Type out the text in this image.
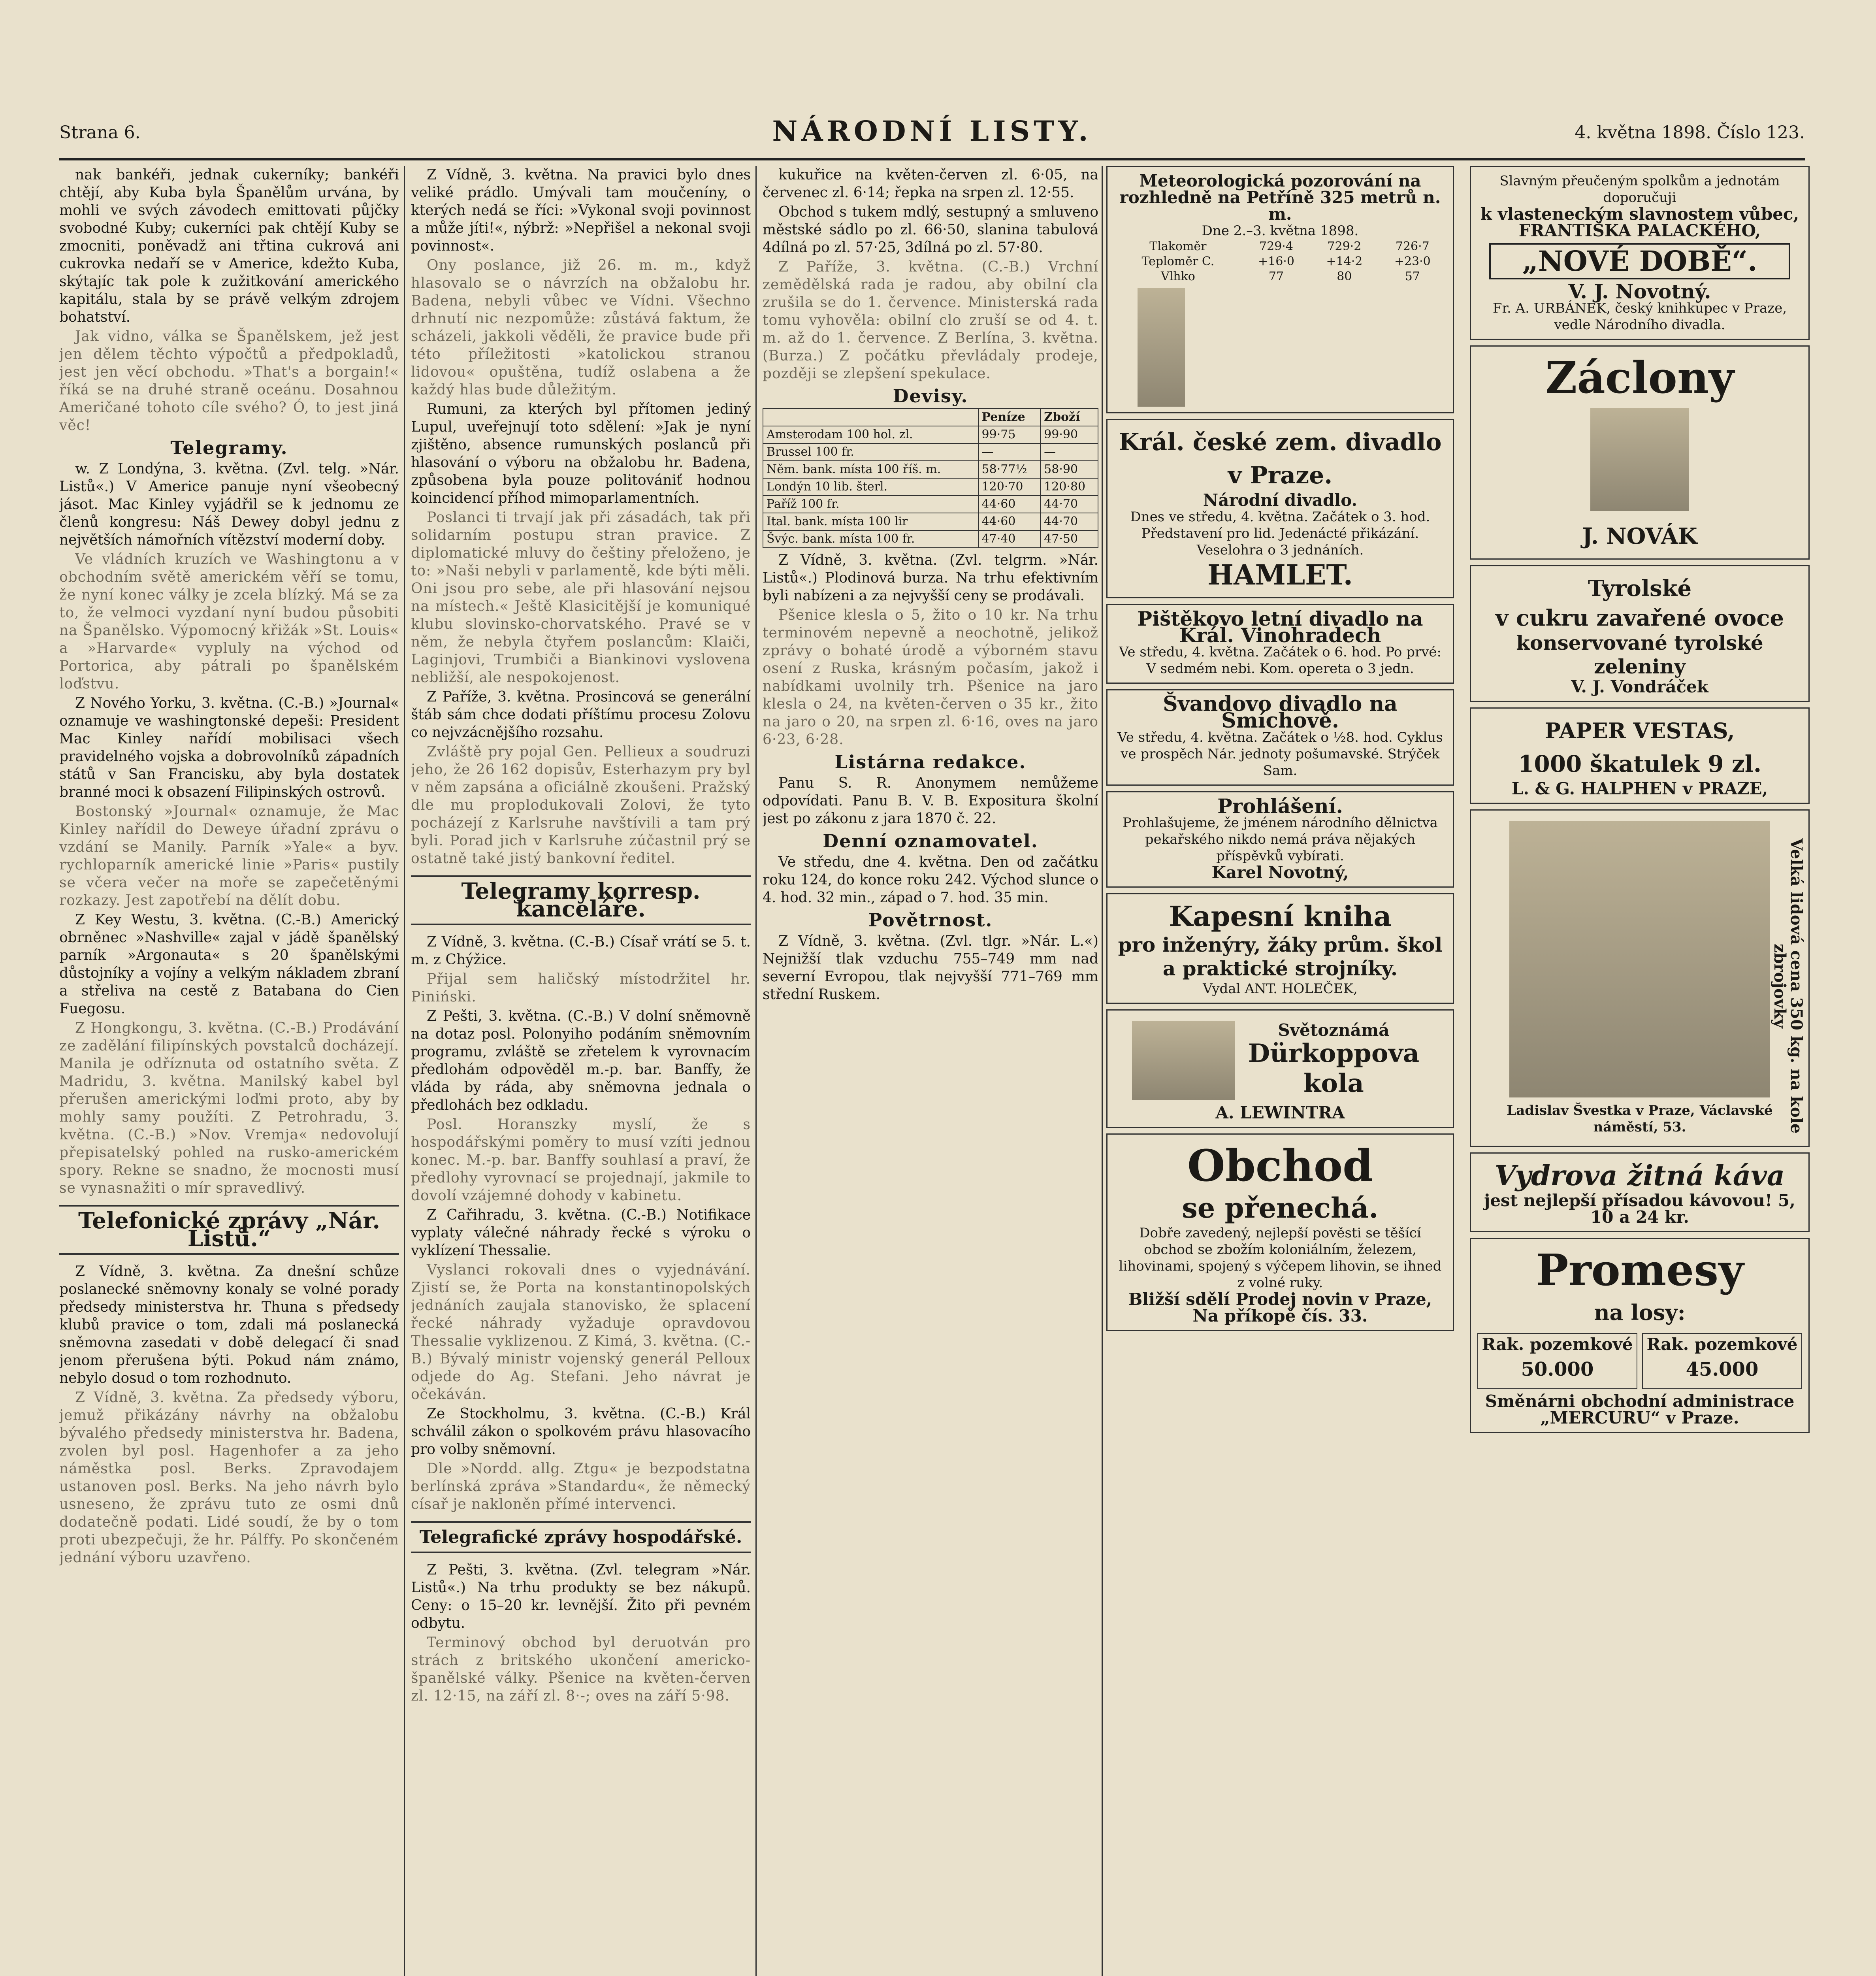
Strana 6.	NÁRODNÍ LISTY.	4. května 1898. Číslo 123.

nak bankéři, jednak cukerníky; bankéři chtějí, aby Kuba byla Španělům urvána, by mohli ve svých závodech emittovati půjčky svobodné Kuby; cukerníci pak chtějí Kuby se zmocniti, poněvadž ani třtina cukrová ani cukrovka nedaří se v Americe, kdežto Kuba, skýtajíc tak pole k zužitkování amerického kapitálu, stala by se právě velkým zdrojem bohatství.

Jak vidno, válka se Španělskem, jež jest jen dělem těchto výpočtů a předpokladů, jest jen věcí obchodu. »That's a borgain!« říká se na druhé straně oceánu. Dosahnou Američané tohoto cíle svého? Ó, to jest jiná věc!

Telegramy.

w. Z Londýna, 3. května. (Zvl. telg. »Nár. Listů«.) V Americe panuje nyní všeobecný jásot. Mac Kinley vyjádřil se k jednomu ze členů kongresu: Náš Dewey dobyl jednu z největších námořních vítězství moderní doby.

Ve vládních kruzích ve Washingtonu a v obchodním světě americkém věří se tomu, že nyní konec války je zcela blízký. Má se za to, že velmoci vyzdaní nyní budou působiti na Španělsko. Výpomocný křižák »St. Louis« a »Harvarde« vypluly na východ od Portorica, aby pátrali po španělském loďstvu.

Z Nového Yorku, 3. května. (C.-B.) »Journal« oznamuje ve washingtonské depeši: President Mac Kinley nařídí mobilisaci všech pravidelného vojska a dobrovolníků západních států v San Francisku, aby byla dostatek branné moci k obsazení Filipinských ostrovů.

Bostonský »Journal« oznamuje, že Mac Kinley nařídil do Deweye úřadní zprávu o vzdání se Manily. Parník »Yale« a byv. rychloparník americké linie »Paris« pustily se včera večer na moře se zapečetěnými rozkazy. Jest zapotřebí na dělít dobu.

Z Key Westu, 3. května. (C.-B.) Americký obrněnec »Nashville« zajal v jádě španělský parník »Argonauta« s 20 španělskými důstojníky a vojíny a velkým nákladem zbraní a střeliva na cestě z Batabana do Cien Fuegosu.

Z Hongkongu, 3. května. (C.-B.) Prodávání ze zadělání filipínských povstalců docházejí. Manila je odříznuta od ostatního světa. Z Madridu, 3. května. Manilský kabel byl přerušen americkými loďmi proto, aby by mohly samy použíti. Z Petrohradu, 3. května. (C.-B.) »Nov. Vremja« nedovolují přepisatelský pohled na rusko-americkém spory. Rekne se snadno, že mocnosti musí se vynasnažiti o mír spravedlivý.

Telefonické zprávy „Nár. Listů.“

Z Vídně, 3. května. Za dnešní schůze poslanecké sněmovny konaly se volné porady předsedy ministerstva hr. Thuna s předsedy klubů pravice o tom, zdali má poslanecká sněmovna zasedati v době delegací či snad jenom přerušena býti. Pokud nám známo, nebylo dosud o tom rozhodnuto.

Z Vídně, 3. května. Za předsedy výboru, jemuž přikázány návrhy na obžalobu bývalého předsedy ministerstva hr. Badena, zvolen byl posl. Hagenhofer a za jeho náměstka posl. Berks. Zpravodajem ustanoven posl. Berks. Na jeho návrh bylo usneseno, že zprávu tuto ze osmi dnů dodatečně podati. Lidé soudí, že by o tom proti ubezpečuji, že hr. Pálffy. Po skončeném jednání výboru uzavřeno.

Z Vídně, 3. května. Na pravici bylo dnes veliké prádlo. Umývali tam moučeníny, o kterých nedá se říci: »Vykonal svoji povinnost a může jíti!«, nýbrž: »Nepřišel a nekonal svoji povinnost«.

Ony poslance, již 26. m. m., když hlasovalo se o návrzích na obžalobu hr. Badena, nebyli vůbec ve Vídni. Všechno drhnutí nic nezpomůže: zůstává faktum, že scházeli, jakkoli věděli, že pravice bude při této příležitosti »katolickou stranou lidovou« opuštěna, tudíž oslabena a že každý hlas bude důležitým.

Rumuni, za kterých byl přítomen jediný Lupul, uveřejnují toto sdělení: »Jak je nyní zjištěno, absence rumunských poslanců při hlasování o výboru na obžalobu hr. Badena, způsobena byla pouze politovániť hodnou koincidencí příhod mimoparlamentních.

Poslanci ti trvají jak při zásadách, tak při solidarním postupu stran pravice. Z diplomatické mluvy do češtiny přeloženo, je to: »Naši nebyli v parlamentě, kde býti měli. Oni jsou pro sebe, ale při hlasování nejsou na místech.« Ještě Klasicitější je komuniqué klubu slovinsko-chorvatského. Pravé se v něm, že nebyla čtyřem poslancům: Klaiči, Laginjovi, Trumbiči a Biankinovi vyslovena nebližší, ale nespokojenost.

Z Paříže, 3. května. Prosincová se generální štáb sám chce dodati příštímu procesu Zolovu co nejvzácnějšího rozsahu.

Zvláště pry pojal Gen. Pellieux a soudruzi jeho, že 26 162 dopisův, Esterhazym pry byl v něm zapsána a oficiálně zkoušeni. Pražský dle mu proplodukovali Zolovi, že tyto pocházejí z Karlsruhe navštívili a tam prý byli. Porad jich v Karlsruhe zúčastnil prý se ostatně také jistý bankovní ředitel.

Telegramy korresp. kanceláře.

Z Vídně, 3. května. (C.-B.) Císař vrátí se 5. t. m. z Chýžice.

Přijal sem haličský místodržitel hr. Piniński.

Z Pešti, 3. května. (C.-B.) V dolní sněmovně na dotaz posl. Polonyiho podáním sněmovním programu, zvláště se zřetelem k vyrovnacím předlohám odpověděl m.-p. bar. Banffy, že vláda by ráda, aby sněmovna jednala o předlohách bez odkladu.

Posl. Horanszky myslí, že s hospodářskými poměry to musí vzíti jednou konec. M.-p. bar. Banffy souhlasí a praví, že předlohy vyrovnací se projednají, jakmile to dovolí vzájemné dohody v kabinetu.

Z Cařihradu, 3. května. (C.-B.) Notifikace vyplaty válečné náhrady řecké s výroku o vyklízení Thessalie.

Vyslanci rokovali dnes o vyjednávání. Zjistí se, že Porta na konstantinopolských jednáních zaujala stanovisko, že splacení řecké náhrady vyžaduje opravdovou Thessalie vyklizenou. Z Kimá, 3. května. (C.-B.) Bývalý ministr vojenský generál Pelloux odjede do Ag. Stefani. Jeho návrat je očekáván.

Ze Stockholmu, 3. května. (C.-B.) Král schválil zákon o spolkovém právu hlasovacího pro volby sněmovní.

Dle »Nordd. allg. Ztgu« je bezpodstatna berlínská zpráva »Standardu«, že německý císař je nakloněn přímé intervenci.

Telegrafické zprávy hospodářské.

Z Pešti, 3. května. (Zvl. telegram »Nár. Listů«.) Na trhu produkty se bez nákupů. Ceny: o 15–20 kr. levnější. Žito při pevném odbytu.

Terminový obchod byl deruotván pro strách z britského ukončení americko-španělské války. Pšenice na květen-červen zl. 12·15, na září zl. 8·-; oves na září 5·98.

kukuřice na květen-červen zl. 6·05, na červenec zl. 6·14; řepka na srpen zl. 12·55.

Obchod s tukem mdlý, sestupný a smluveno městské sádlo po zl. 66·50, slanina tabulová 4dílná po zl. 57·25, 3dílná po zl. 57·80.

Z Paříže, 3. května. (C.-B.) Vrchní zemědělská rada je radou, aby obilní cla zrušila se do 1. července. Ministerská rada tomu vyhověla: obilní clo zruší se od 4. t. m. až do 1. července. Z Berlína, 3. května. (Burza.) Z počátku převládaly prodeje, později se zlepšení spekulace.

Devisy.
	Peníze	Zboží
Amsterodam 100 hol. zl.	99·75	99·90
Brussel 100 fr.	—	—
Něm. bank. místa 100 říš. m.	58·77½	58·90
Londýn 10 lib. šterl.	120·70	120·80
Paříž 100 fr.	44·60	44·70
Ital. bank. místa 100 lir	44·60	44·70
Švýc. bank. místa 100 fr.	47·40	47·50

Z Vídně, 3. května. (Zvl. telgrm. »Nár. Listů«.) Plodinová burza. Na trhu efektivním byli nabízeni a za nejvyšší ceny se prodávali.

Pšenice klesla o 5, žito o 10 kr. Na trhu terminovém nepevně a neochotně, jelikož zprávy o bohaté úrodě a výborném stavu osení z Ruska, krásným počasím, jakož i nabídkami uvolnily trh. Pšenice na jaro klesla o 24, na květen-červen o 35 kr., žito na jaro o 20, na srpen zl. 6·16, oves na jaro 6·23, 6·28.

Listárna redakce.

Panu S. R. Anonymem nemůžeme odpovídati. Panu B. V. B. Expositura školní jest po zákonu z jara 1870 č. 22.

Denní oznamovatel.

Ve středu, dne 4. května. Den od začátku roku 124, do konce roku 242. Východ slunce o 4. hod. 32 min., západ o 7. hod. 35 min.

Povětrnost.

Z Vídně, 3. května. (Zvl. tlgr. »Nár. L.«) Nejnižší tlak vzduchu 755–749 mm nad severní Evropou, tlak nejvyšší 771–769 mm střední Ruskem.

Meteorologická pozorování na rozhledně na Petříně 325 metrů n. m.
Dne 2.–3. května 1898.
Tlakoměr	729·4	729·2	726·7
Teploměr C.	+16·0	+14·2	+23·0
Vlhko	77	80	57
Král. české zem. divadlo v Praze.
Národní divadlo.
Dnes ve středu, 4. května. Začátek o 3. hod. Představení pro lid. Jedenácté přikázání. Veselohra o 3 jednáních.
HAMLET.
Pištěkovo letní divadlo na Král. Vinohradech
Ve středu, 4. května. Začátek o 6. hod. Po prvé: V sedmém nebi. Kom. opereta o 3 jedn.
Švandovo divadlo na Smíchově.
Ve středu, 4. května. Začátek o ½8. hod. Cyklus ve prospěch Nár. jednoty pošumavské. Strýček Sam.
Prohlášení.
Prohlašujeme, že jménem národního dělnictva pekařského nikdo nemá práva nějakých příspěvků vybírati.
Karel Novotný,
Kapesní kniha
pro inženýry, žáky prům. škol a praktické strojníky.
Vydal ANT. HOLEČEK,

Světoznámá
Dürkoppova kola
A. LEWINTRA
Obchod
se přenechá.
Dobře zavedený, nejlepší pověsti se těšící obchod se zbožím koloniálním, železem, lihovinami, spojený s výčepem lihovin, se ihned z volné ruky.
Bližší sdělí Prodej novin v Praze, Na příkopě čís. 33.
Slavným přeučeným spolkům a jednotám doporučuji
k vlasteneckým slavnostem vůbec,
FRANTIŠKA PALACKÉHO,
„NOVÉ DOBĚ“.
V. J. Novotný.
Fr. A. URBÁNEK, český knihkupec v Praze, vedle Národního divadla.
Záclony
J. NOVÁK
Tyrolské
v cukru zavařené ovoce
konservované tyrolské zeleniny
V. J. Vondráček
PAPER VESTAS,
1000 škatulek 9 zl.
L. & G. HALPHEN v PRAZE,
Velká lidová cena 350 kg. na kole zbrojovky
Ladislav Švestka v Praze, Václavské náměstí, 53.
Vydrova žitná káva
jest nejlepší přísadou kávovou! 5, 10 a 24 kr.
Promesy
na losy:
Rak. pozemkové
50.000
Rak. pozemkové
45.000
Směnárni obchodní administrace „MERCURU“ v Praze.
